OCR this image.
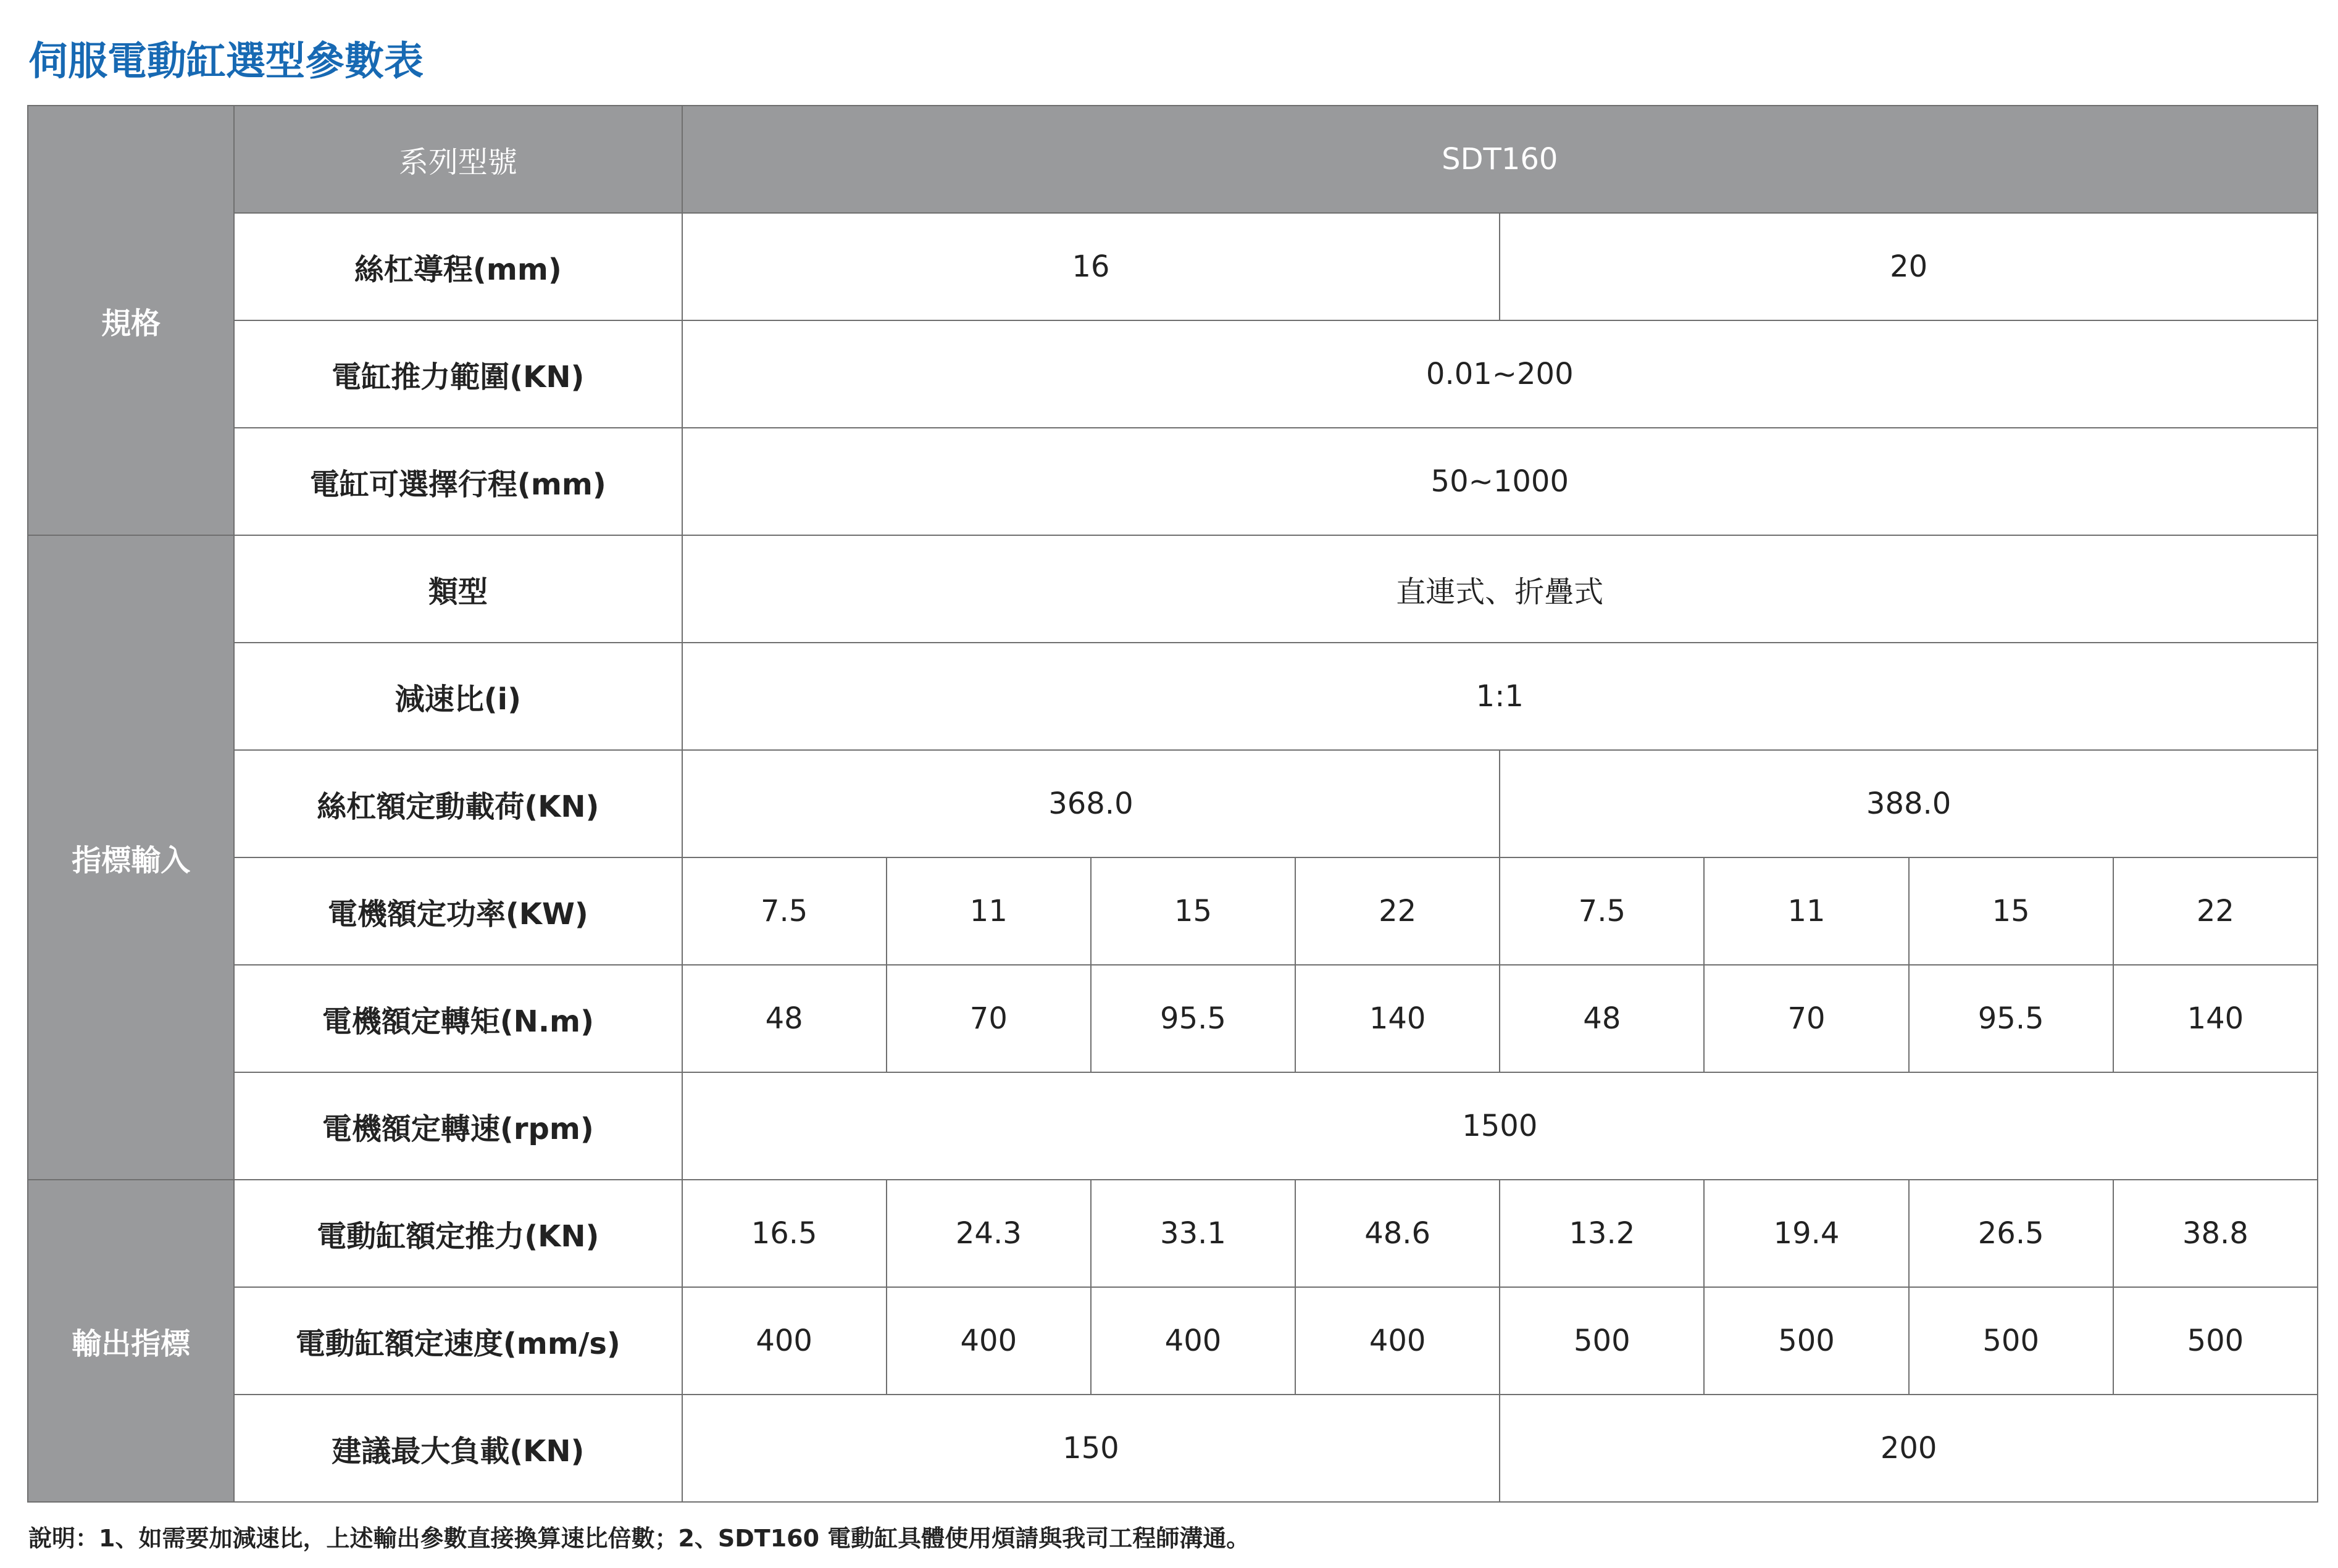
伺服電動缸選型參數表
規格	系列型號	SDT160							
	絲杠導程(mm)	16				20			
	電缸推力範圍(KN)	0.01~200							
	電缸可選擇行程(mm)	50~1000							
指標輸入	類型	直連式、折疊式							
	減速比(i)	1:1							
	絲杠額定動載荷(KN)	368.0				388.0			
	電機額定功率(KW)	7.5	11	15	22	7.5	11	15	22
	電機額定轉矩(N.m)	48	70	95.5	140	48	70	95.5	140
	電機額定轉速(rpm)	1500							
輸出指標	電動缸額定推力(KN)	16.5	24.3	33.1	48.6	13.2	19.4	26.5	38.8
	電動缸額定速度(mm/s)	400	400	400	400	500	500	500	500
	建議最大負載(KN)	150				200			

說明：1、如需要加減速比，上述輸出參數直接換算速比倍數；2、SDT160 電動缸具體使用煩請與我司工程師溝通。
